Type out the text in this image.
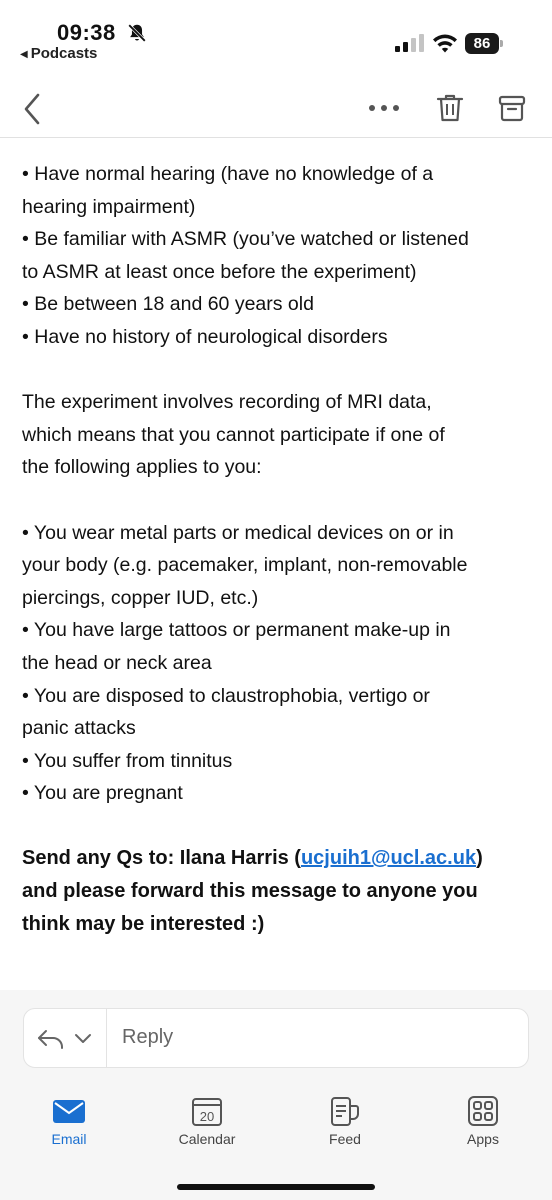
09:38
◀ Podcasts
86
• Have normal hearing (have no knowledge of a
hearing impairment)
• Be familiar with ASMR (you’ve watched or listened
to ASMR at least once before the experiment)
• Be between 18 and 60 years old
• Have no history of neurological disorders
The experiment involves recording of MRI data,
which means that you cannot participate if one of
the following applies to you:
• You wear metal parts or medical devices on or in
your body (e.g. pacemaker, implant, non-removable
piercings, copper IUD, etc.)
• You have large tattoos or permanent make-up in
the head or neck area
• You are disposed to claustrophobia, vertigo or
panic attacks
• You suffer from tinnitus
• You are pregnant
Send any Qs to: Ilana Harris (ucjuih1@ucl.ac.uk)
and please forward this message to anyone you
think may be interested :)
Reply
Email
20
Calendar	Feed	Apps
